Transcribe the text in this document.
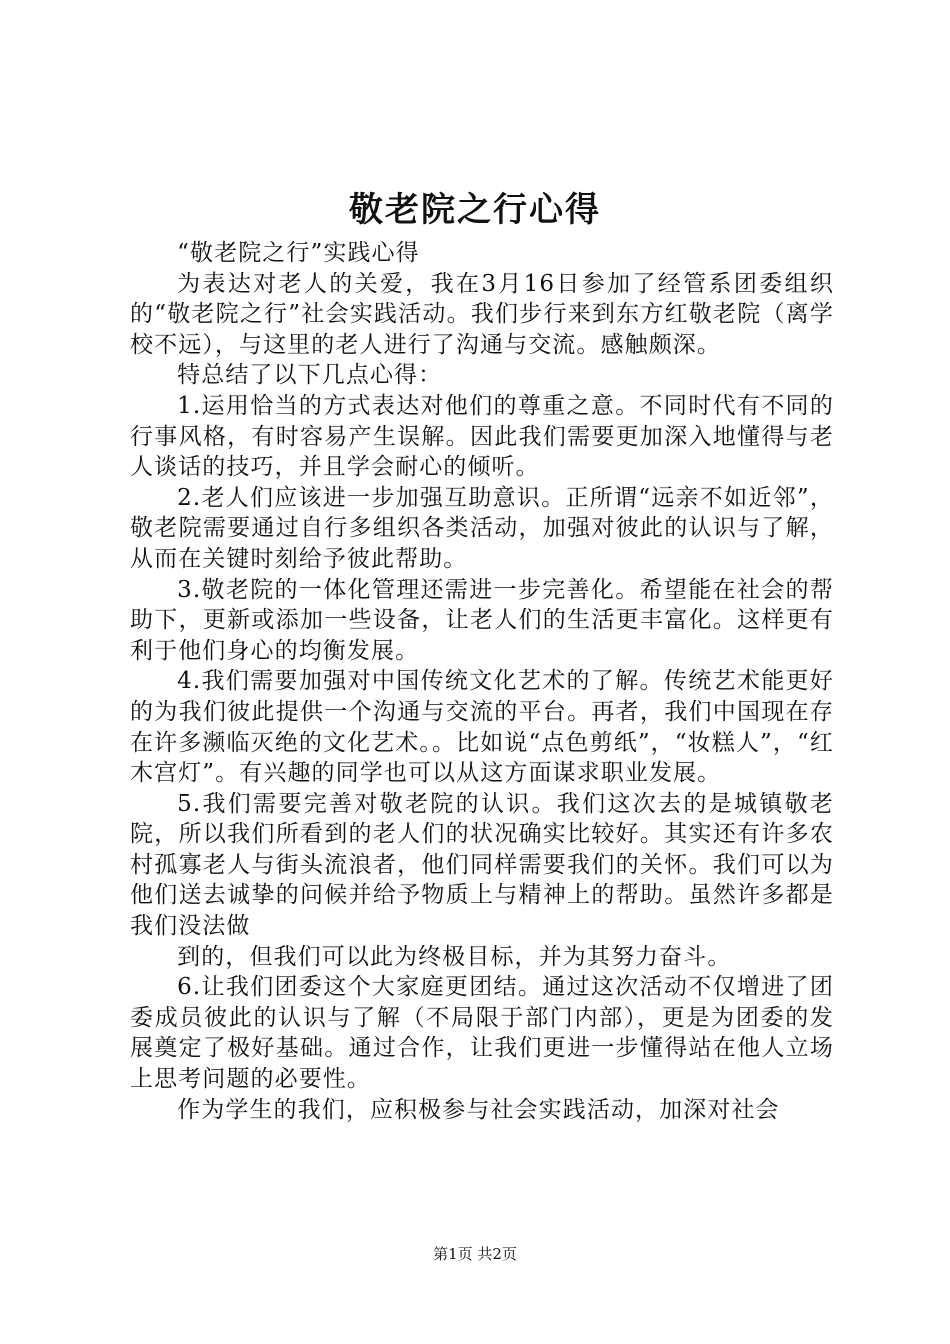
敬老院之行心得

“敬老院之行”实践心得

为表达对老人的关爱，我在3月16日参加了经管系团委组织的“敬老院之行”社会实践活动。我们步行来到东方红敬老院（离学校不远），与这里的老人进行了沟通与交流。感触颇深。

特总结了以下几点心得：

1.运用恰当的方式表达对他们的尊重之意。不同时代有不同的行事风格，有时容易产生误解。因此我们需要更加深入地懂得与老人谈话的技巧，并且学会耐心的倾听。

2.老人们应该进一步加强互助意识。正所谓“远亲不如近邻”，敬老院需要通过自行多组织各类活动，加强对彼此的认识与了解，从而在关键时刻给予彼此帮助。

3.敬老院的一体化管理还需进一步完善化。希望能在社会的帮助下，更新或添加一些设备，让老人们的生活更丰富化。这样更有利于他们身心的均衡发展。

4.我们需要加强对中国传统文化艺术的了解。传统艺术能更好的为我们彼此提供一个沟通与交流的平台。再者，我们中国现在存在许多濒临灭绝的文化艺术。。比如说“点色剪纸”，“妆糕人”，“红木宫灯”。有兴趣的同学也可以从这方面谋求职业发展。

5.我们需要完善对敬老院的认识。我们这次去的是城镇敬老院，所以我们所看到的老人们的状况确实比较好。其实还有许多农村孤寡老人与街头流浪者，他们同样需要我们的关怀。我们可以为他们送去诚挚的问候并给予物质上与精神上的帮助。虽然许多都是我们没法做

到的，但我们可以此为终极目标，并为其努力奋斗。

6.让我们团委这个大家庭更团结。通过这次活动不仅增进了团委成员彼此的认识与了解（不局限于部门内部），更是为团委的发展奠定了极好基础。通过合作，让我们更进一步懂得站在他人立场上思考问题的必要性。

作为学生的我们，应积极参与社会实践活动，加深对社会

第1页 共2页
